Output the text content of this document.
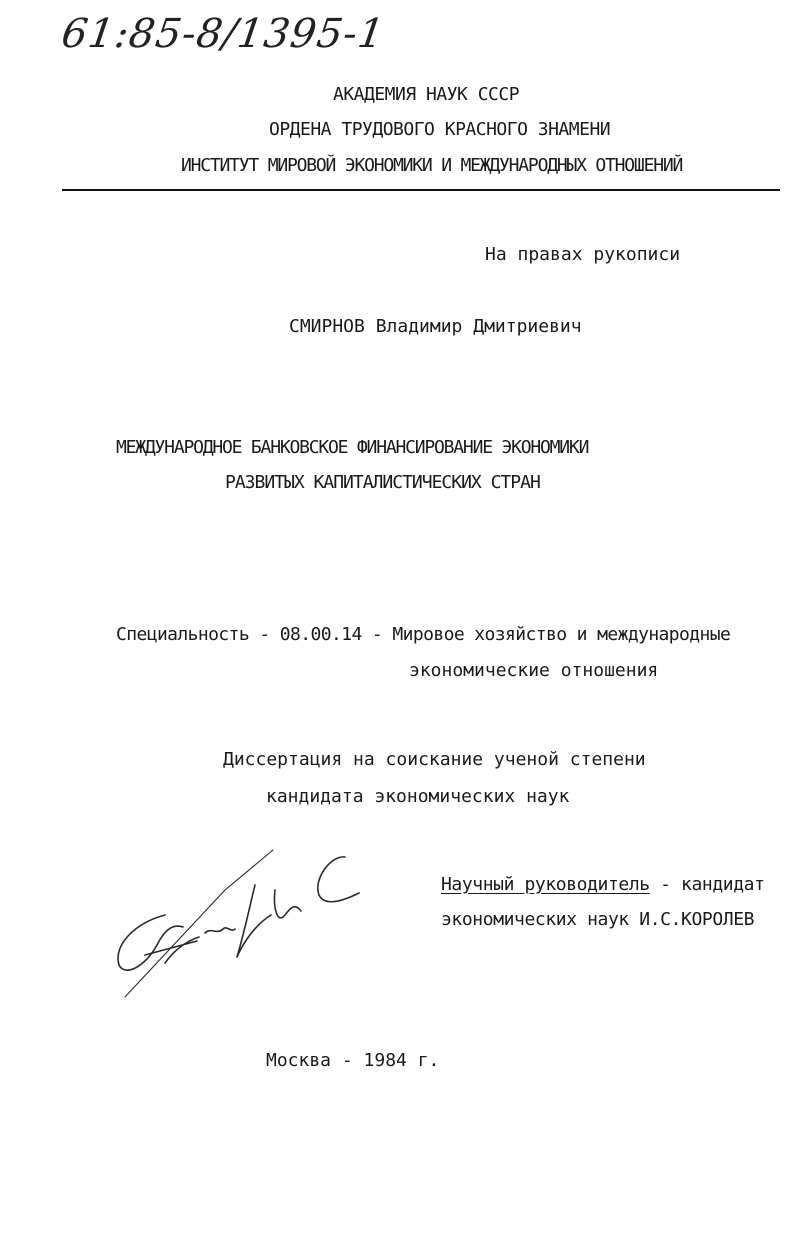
61:85-8/1395-1
АКАДЕМИЯ НАУК СССР
ОРДЕНА ТРУДОВОГО КРАСНОГО ЗНАМЕНИ
ИНСТИТУТ МИРОВОЙ ЭКОНОМИКИ И МЕЖДУНАРОДНЫХ ОТНОШЕНИЙ
На правах рукописи
СМИРНОВ Владимир Дмитриевич
МЕЖДУНАРОДНОЕ БАНКОВСКОЕ ФИНАНСИРОВАНИЕ ЭКОНОМИКИ
РАЗВИТЫХ КАПИТАЛИСТИЧЕСКИХ СТРАН
Специальность - 08.00.14 - Мировое хозяйство и международные
экономические отношения
Диссертация на соискание ученой степени
кандидата экономических наук
Научный руководитель - кандидат
экономических наук И.С.КОРОЛЕВ
Москва - 1984 г.
